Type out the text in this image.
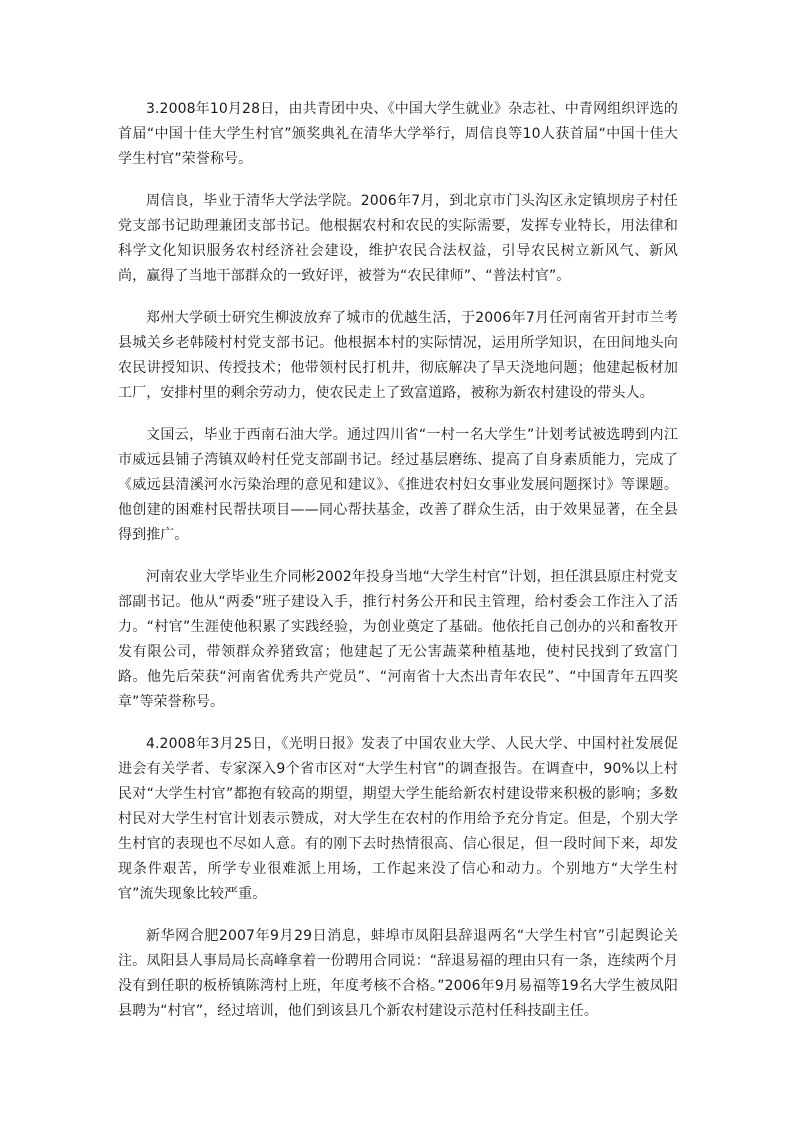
3.2008年10月28日，由共青团中央、《中国大学生就业》杂志社、中青网组织评选的首届“中国十佳大学生村官”颁奖典礼在清华大学举行，周信良等10人获首届“中国十佳大学生村官”荣誉称号。

周信良，毕业于清华大学法学院。2006年7月，到北京市门头沟区永定镇坝房子村任党支部书记助理兼团支部书记。他根据农村和农民的实际需要，发挥专业特长，用法律和科学文化知识服务农村经济社会建设，维护农民合法权益，引导农民树立新风气、新风尚，赢得了当地干部群众的一致好评，被誉为“农民律师”、“普法村官”。

郑州大学硕士研究生柳波放弃了城市的优越生活，于2006年7月任河南省开封市兰考县城关乡老韩陵村村党支部书记。他根据本村的实际情况，运用所学知识，在田间地头向农民讲授知识、传授技术；他带领村民打机井，彻底解决了旱天浇地问题；他建起板材加工厂，安排村里的剩余劳动力，使农民走上了致富道路，被称为新农村建设的带头人。

文国云，毕业于西南石油大学。通过四川省“一村一名大学生”计划考试被选聘到内江市威远县铺子湾镇双岭村任党支部副书记。经过基层磨练、提高了自身素质能力，完成了《威远县清溪河水污染治理的意见和建议》、《推进农村妇女事业发展问题探讨》等课题。他创建的困难村民帮扶项目——同心帮扶基金，改善了群众生活，由于效果显著，在全县得到推广。

河南农业大学毕业生介同彬2002年投身当地“大学生村官”计划，担任淇县原庄村党支部副书记。他从“两委”班子建设入手，推行村务公开和民主管理，给村委会工作注入了活力。“村官”生涯使他积累了实践经验，为创业奠定了基础。他依托自己创办的兴和畜牧开发有限公司，带领群众养猪致富；他建起了无公害蔬菜种植基地，使村民找到了致富门路。他先后荣获“河南省优秀共产党员”、“河南省十大杰出青年农民”、“中国青年五四奖章”等荣誉称号。

4.2008年3月25日，《光明日报》发表了中国农业大学、人民大学、中国村社发展促进会有关学者、专家深入9个省市区对“大学生村官”的调查报告。在调查中，90%以上村民对“大学生村官”都抱有较高的期望，期望大学生能给新农村建设带来积极的影响；多数村民对大学生村官计划表示赞成，对大学生在农村的作用给予充分肯定。但是，个别大学生村官的表现也不尽如人意。有的刚下去时热情很高、信心很足，但一段时间下来，却发现条件艰苦，所学专业很难派上用场，工作起来没了信心和动力。个别地方“大学生村官”流失现象比较严重。

新华网合肥2007年9月29日消息，蚌埠市凤阳县辞退两名“大学生村官”引起舆论关注。凤阳县人事局局长高峰拿着一份聘用合同说：“辞退易福的理由只有一条，连续两个月没有到任职的板桥镇陈湾村上班，年度考核不合格。”2006年9月易福等19名大学生被凤阳县聘为“村官”，经过培训，他们到该县几个新农村建设示范村任科技副主任。
